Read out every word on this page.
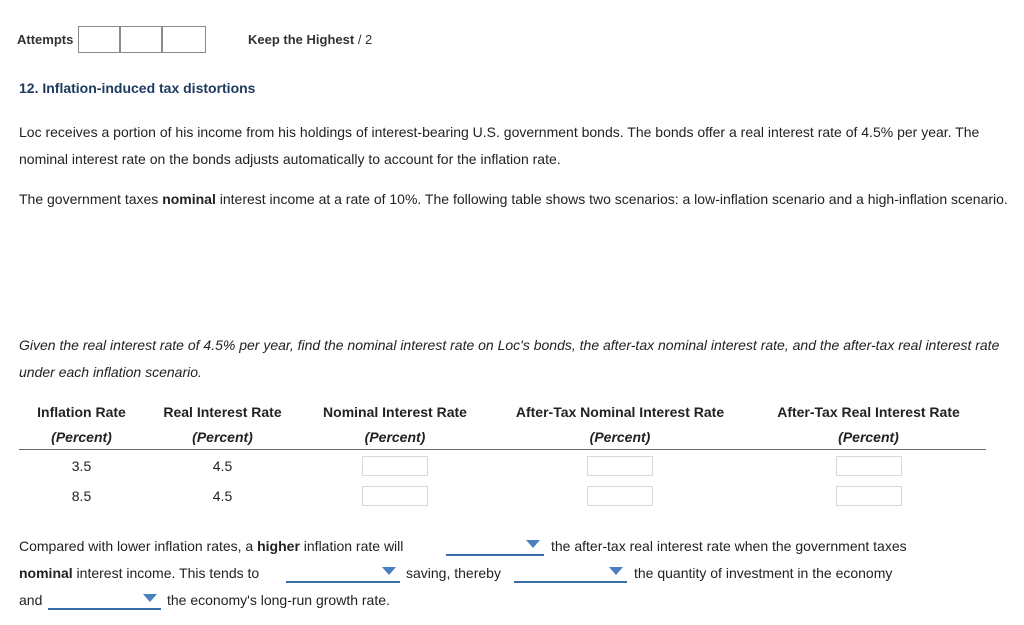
Attempts	Keep the Highest / 2
12. Inflation-induced tax distortions

Loc receives a portion of his income from his holdings of interest-bearing U.S. government bonds. The bonds offer a real interest rate of 4.5% per year. The nominal interest rate on the bonds adjusts automatically to account for the inflation rate.

The government taxes nominal interest income at a rate of 10%. The following table shows two scenarios: a low-inflation scenario and a high-inflation scenario.

Given the real interest rate of 4.5% per year, find the nominal interest rate on Loc's bonds, the after-tax nominal interest rate, and the after-tax real interest rate under each inflation scenario.

Inflation Rate	Real Interest Rate	Nominal Interest Rate	After-Tax Nominal Interest Rate	After-Tax Real Interest Rate
(Percent)	(Percent)	(Percent)	(Percent)	(Percent)
3.5	4.5			
8.5	4.5			
Compared with lower inflation rates, a higher inflation rate will	the after-tax real interest rate when the government taxes
nominal interest income. This tends to	saving, thereby	the quantity of investment in the economy
and	the economy's long-run growth rate.
